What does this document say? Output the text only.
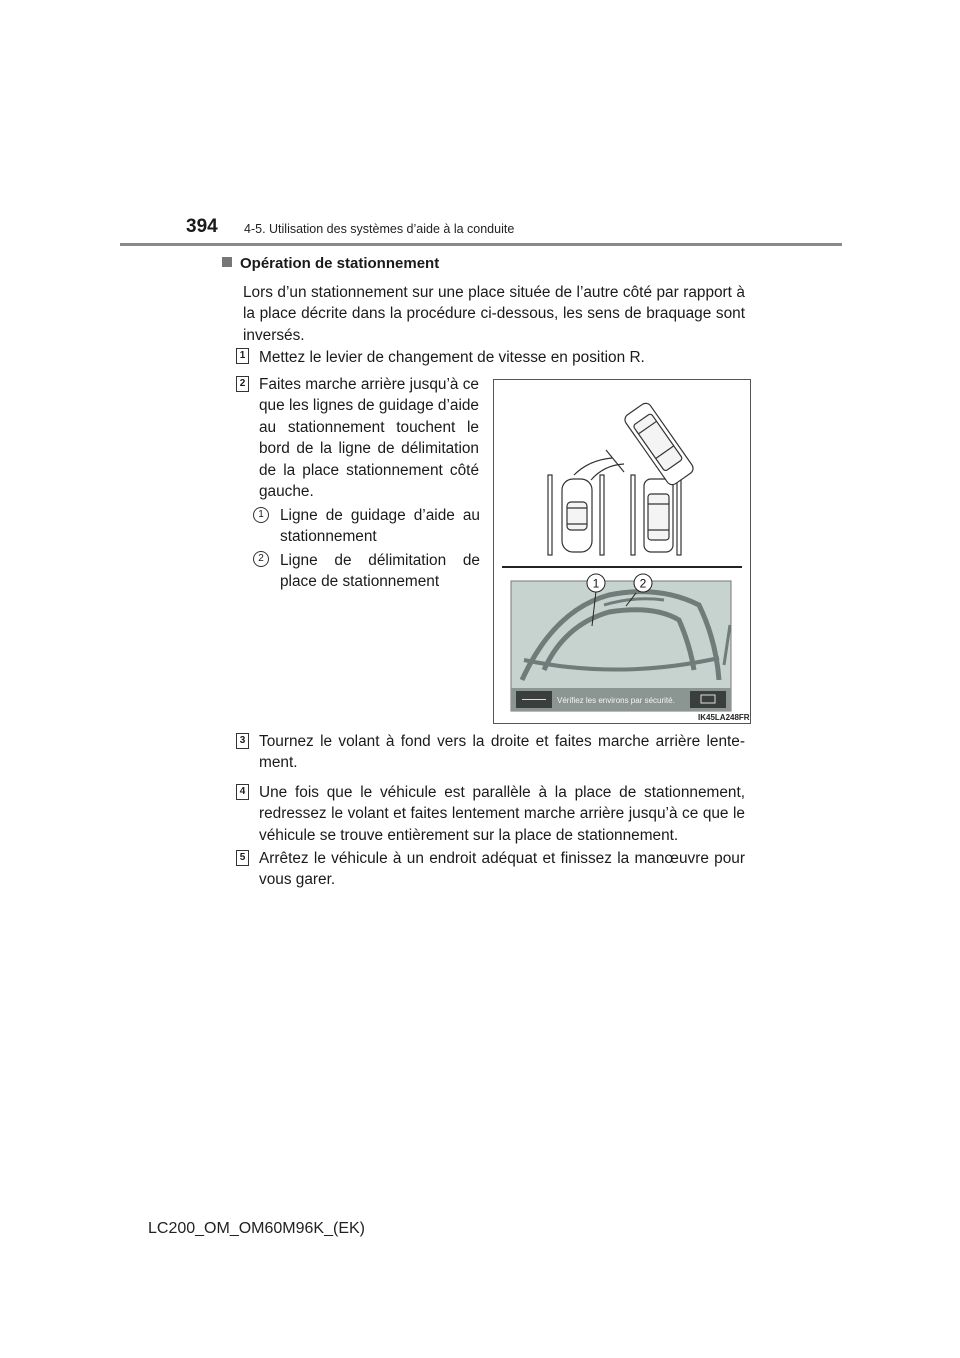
394 4-5. Utilisation des systèmes d’aide à la conduite
Opération de stationnement
Lors d’un stationnement sur une place située de l’autre côté par rapport à la place décrite dans la procédure ci-dessous, les sens de braquage sont inversés.
1 Mettez le levier de changement de vitesse en position R.
2 Faites marche arrière jusqu’à ce que les lignes de guidage d’aide au stationnement touchent le bord de la ligne de délimitation de la place stationnement côté gauche.
1	Ligne de guidage d’aide au stationnement
2	Ligne de délimitation de place de stationnement
Vérifiez les environs par sécurité.
1	2
IK45LA248FR
3 Tournez le volant à fond vers la droite et faites marche arrière lente-ment.
4 Une fois que le véhicule est parallèle à la place de stationnement, redressez le volant et faites lentement marche arrière jusqu’à ce que le véhicule se trouve entièrement sur la place de stationnement.
5 Arrêtez le véhicule à un endroit adéquat et finissez la manœuvre pour vous garer.
LC200_OM_OM60M96K_(EK)
